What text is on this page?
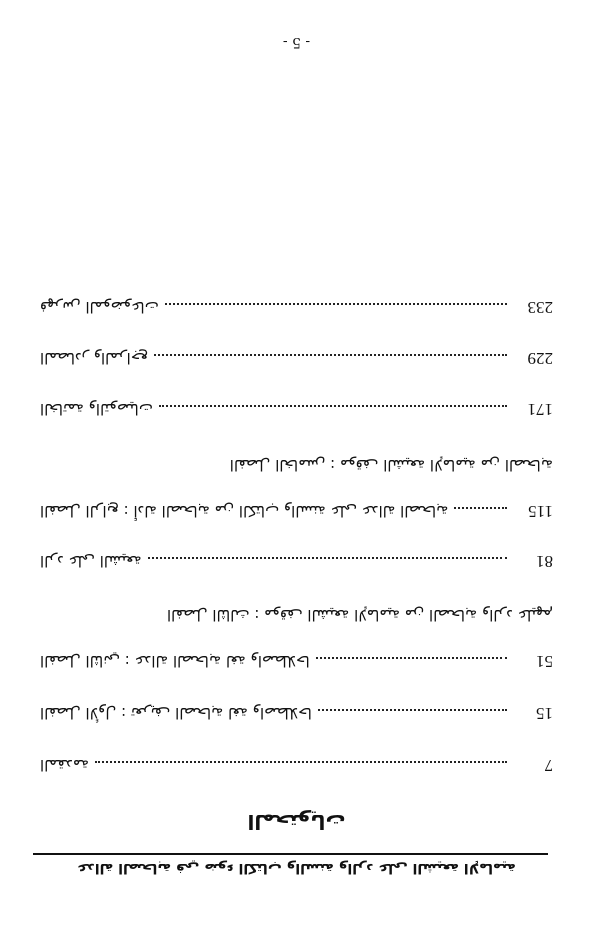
- 5 -
233
فهرس الموضوعات
229
المصادر والمراجع
171
الخاتمة والتوصيات
الفصل الخامس : موقف الشيعة الإمامية من الصحابة
115
الفصل الرابع : أدلة الصحابة من الكتاب والسنة على عدالة الصحابة
81
الرد على الشيعة
الفصل الثالث : موقف الشيعة الإمامية من الصحابة والرد عليهم
51
الفصل الثاني : عدالة الصحابة لغة واصطلاحا
15
الفصل الأول : تعريف الصحابة لغة واصطلاحا
7
المقدمة
المحتويات
عدالة الصحابة في ضوء الكتاب والسنة والرد على الشيعة الإمامية
